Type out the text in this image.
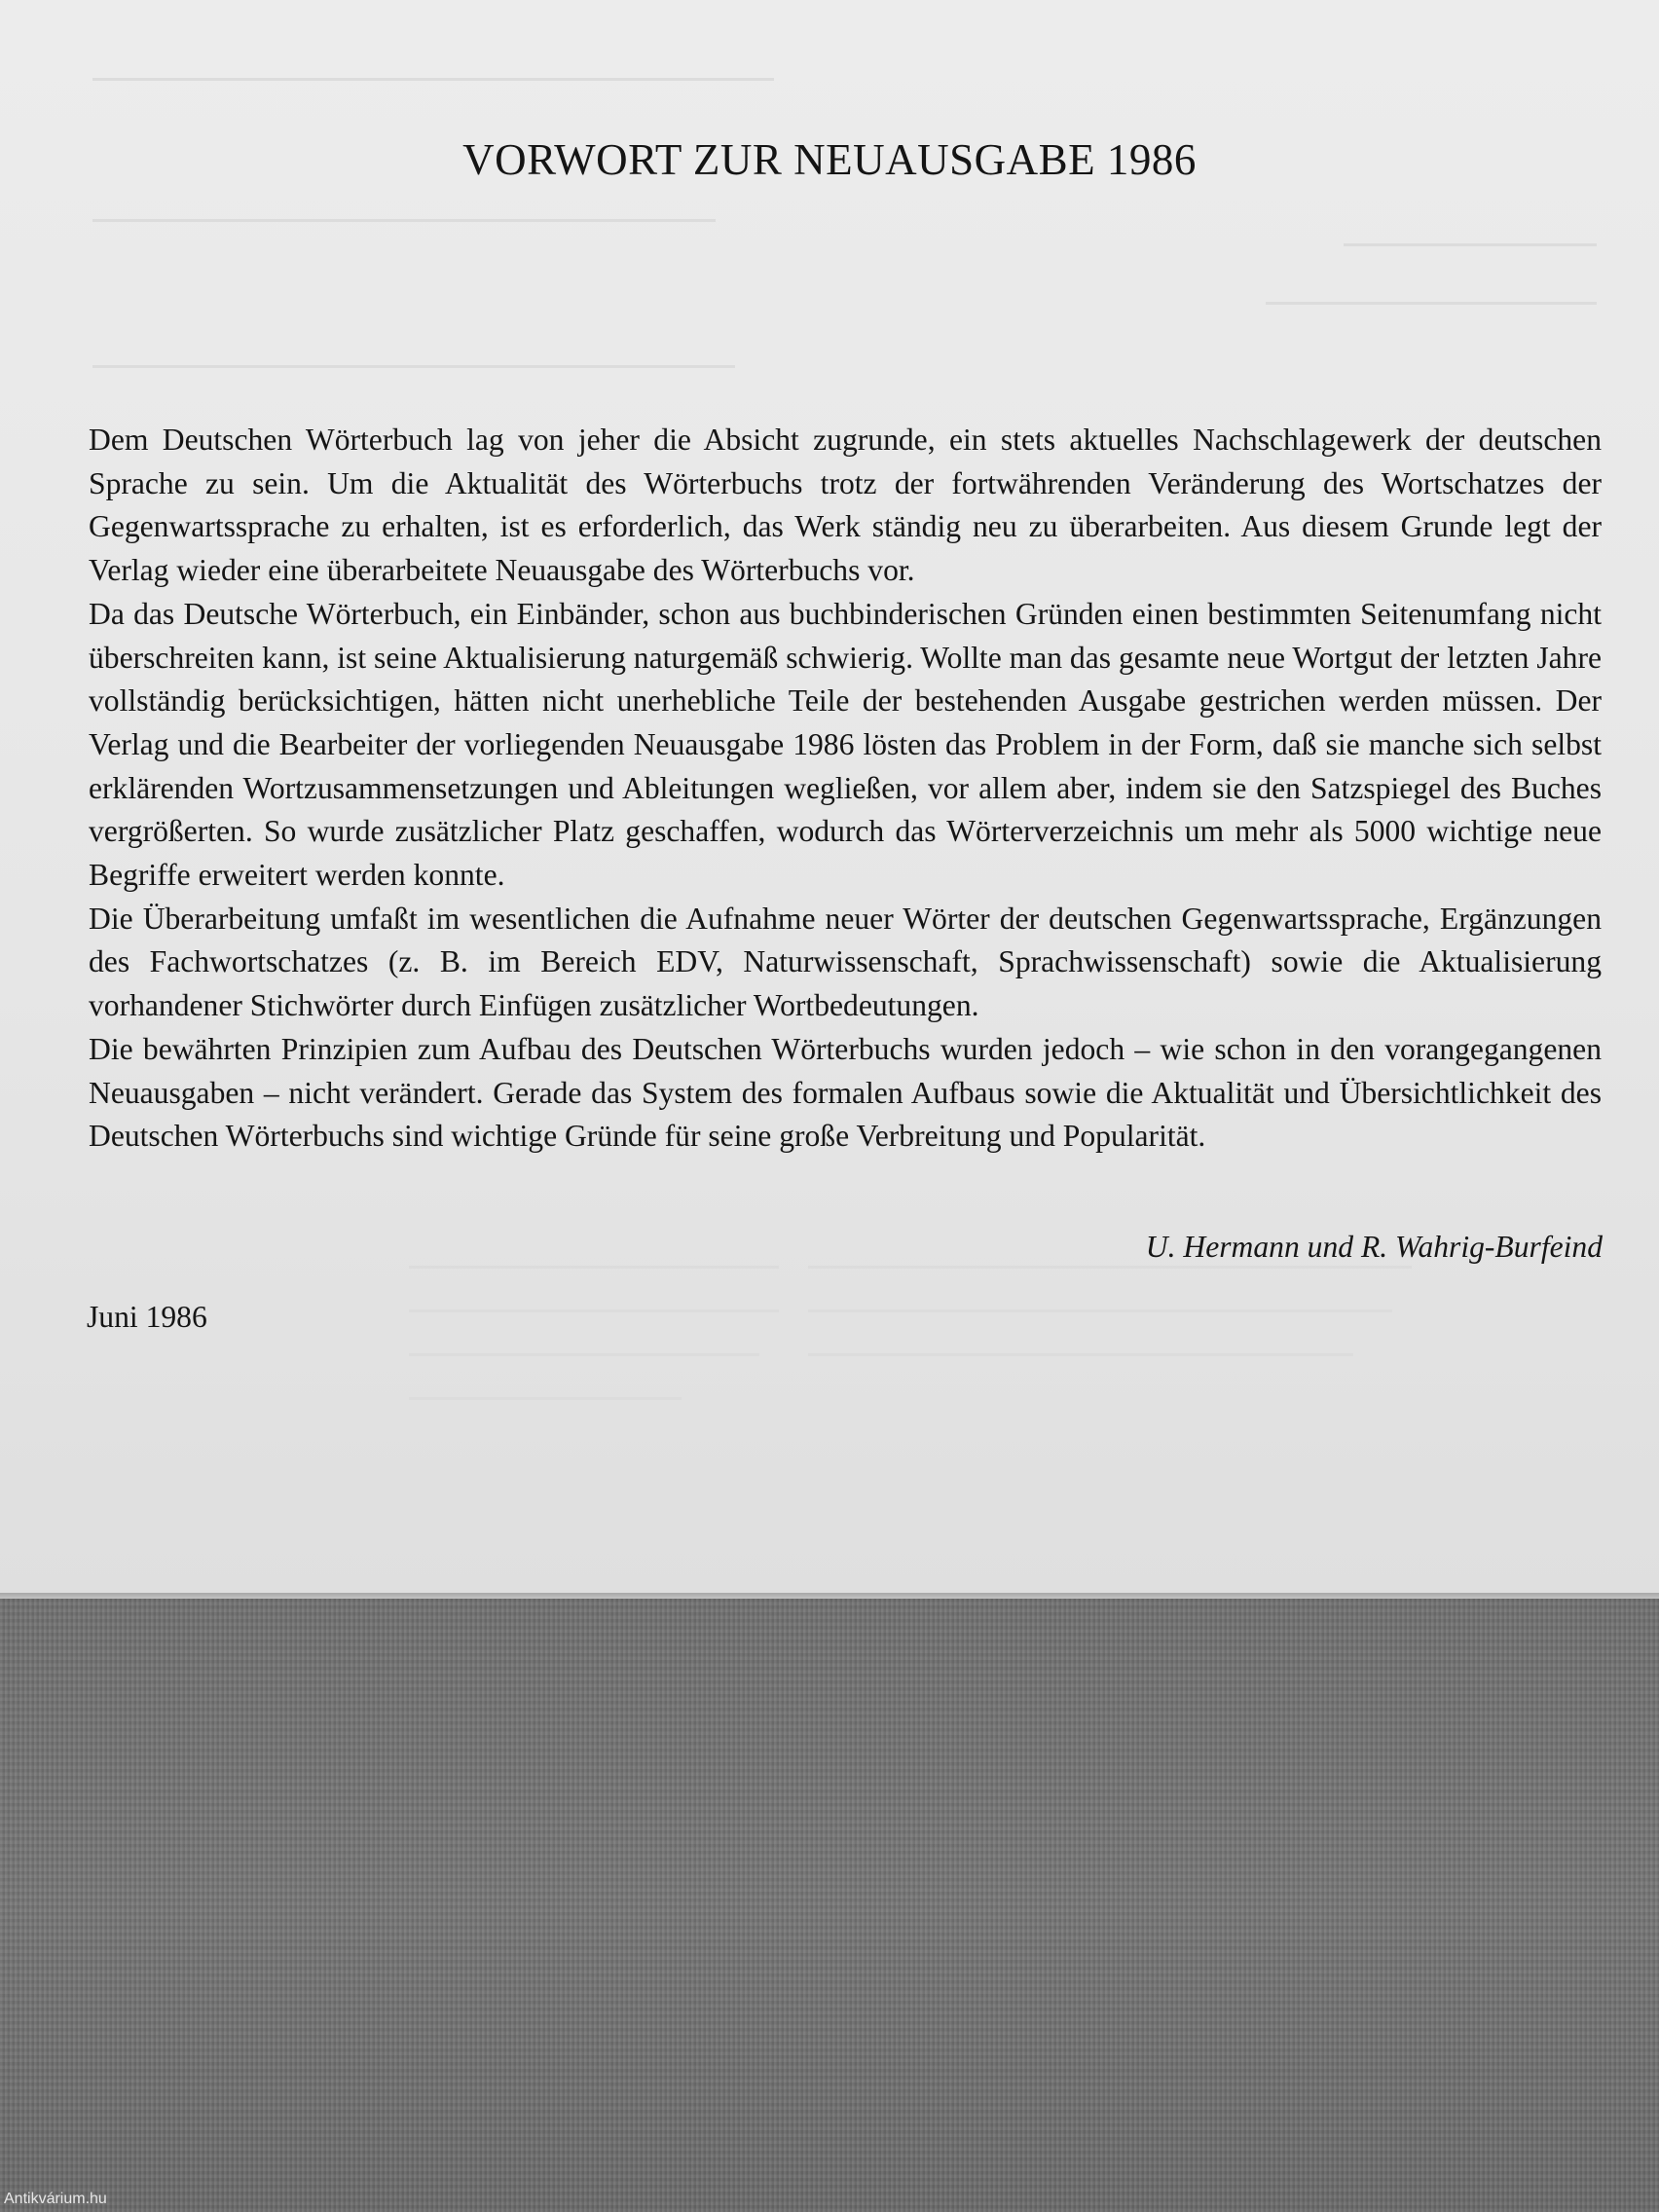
VORWORT ZUR NEUAUSGABE 1986

Dem Deutschen Wörterbuch lag von jeher die Absicht zugrunde, ein stets aktuelles Nachschlagewerk der deutschen Sprache zu sein. Um die Aktualität des Wörterbuchs trotz der fortwährenden Veränderung des Wortschatzes der Gegenwartssprache zu erhalten, ist es erforderlich, das Werk ständig neu zu überarbeiten. Aus diesem Grunde legt der Verlag wieder eine überarbeitete Neuausgabe des Wörterbuchs vor.

Da das Deutsche Wörterbuch, ein Einbänder, schon aus buchbinderischen Gründen einen bestimmten Seitenumfang nicht überschreiten kann, ist seine Aktualisierung naturgemäß schwierig. Wollte man das gesamte neue Wortgut der letzten Jahre vollständig berücksichtigen, hätten nicht unerhebliche Teile der bestehenden Ausgabe gestrichen werden müssen. Der Verlag und die Bearbeiter der vorliegenden Neuausgabe 1986 lösten das Problem in der Form, daß sie manche sich selbst erklärenden Wortzusammensetzungen und Ableitungen wegließen, vor allem aber, indem sie den Satzspiegel des Buches vergrößerten. So wurde zusätzlicher Platz geschaffen, wodurch das Wörterverzeichnis um mehr als 5000 wichtige neue Begriffe erweitert werden konnte.

Die Überarbeitung umfaßt im wesentlichen die Aufnahme neuer Wörter der deutschen Gegenwartssprache, Ergänzungen des Fachwortschatzes (z. B. im Bereich EDV, Naturwissenschaft, Sprachwissenschaft) sowie die Aktualisierung vorhandener Stichwörter durch Einfügen zusätzlicher Wortbedeutungen.

Die bewährten Prinzipien zum Aufbau des Deutschen Wörterbuchs wurden jedoch – wie schon in den vorangegangenen Neuausgaben – nicht verändert. Gerade das System des formalen Aufbaus sowie die Aktualität und Übersichtlichkeit des Deutschen Wörterbuchs sind wichtige Gründe für seine große Verbreitung und Popularität.

U. Hermann und R. Wahrig-Burfeind
Juni 1986
Antikvárium.hu
